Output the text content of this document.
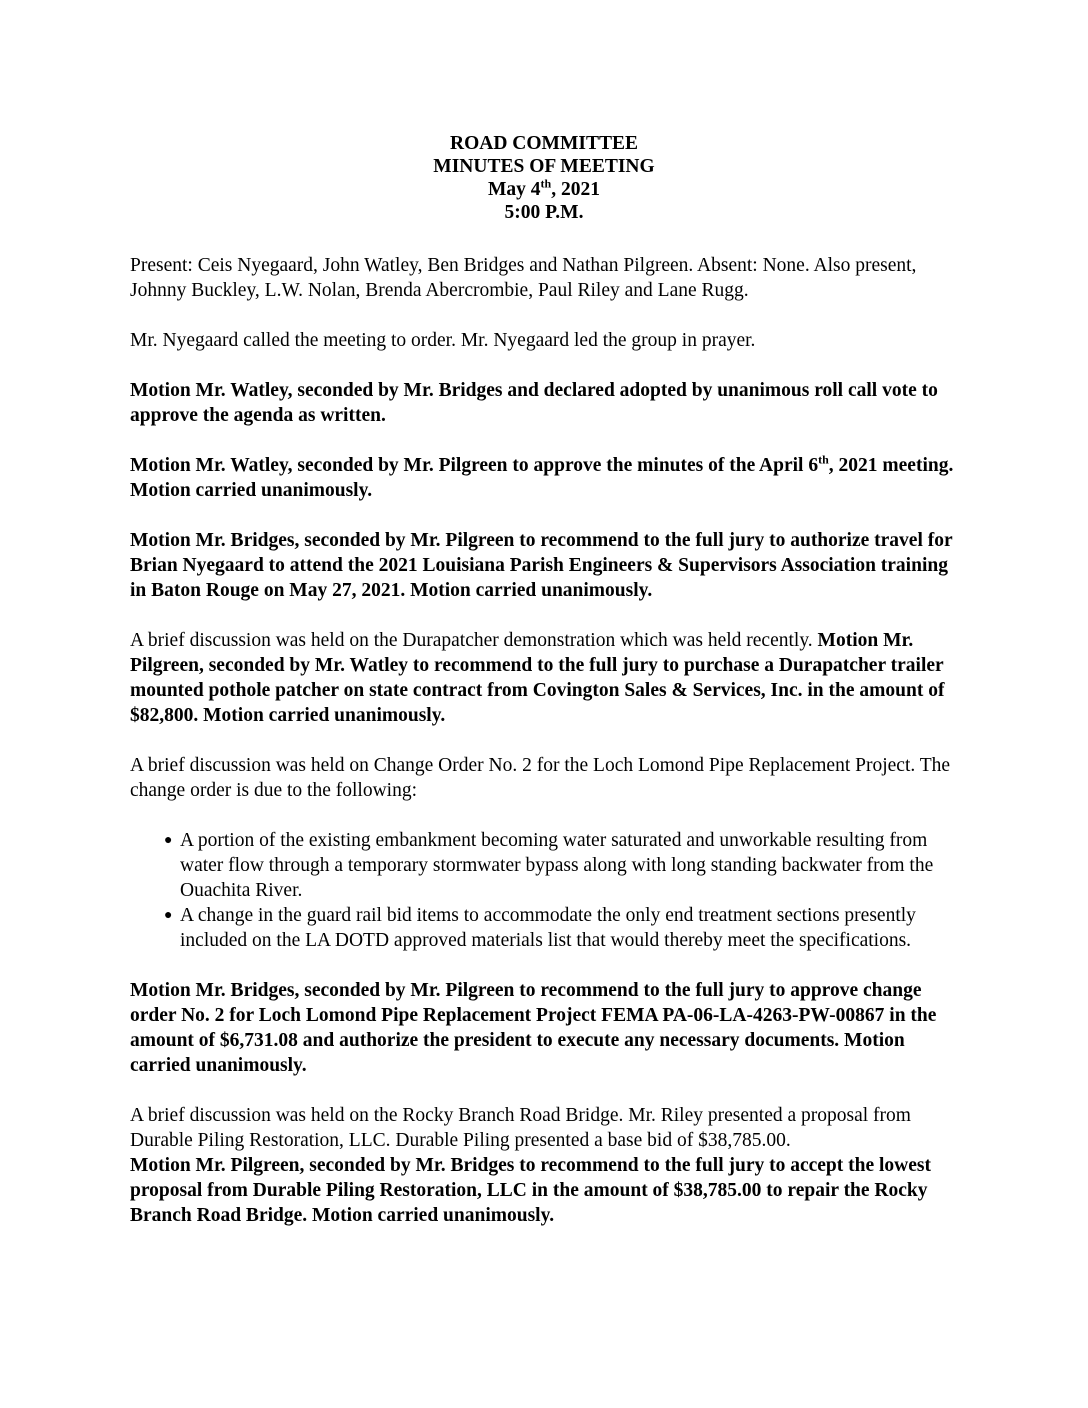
ROAD COMMITTEE
MINUTES OF MEETING
May 4th, 2021
5:00 P.M.

Present: Ceis Nyegaard, John Watley, Ben Bridges and Nathan Pilgreen. Absent: None. Also present, Johnny Buckley, L.W. Nolan, Brenda Abercrombie, Paul Riley and Lane Rugg.

Mr. Nyegaard called the meeting to order. Mr. Nyegaard led the group in prayer.

Motion Mr. Watley, seconded by Mr. Bridges and declared adopted by unanimous roll call vote to approve the agenda as written.

Motion Mr. Watley, seconded by Mr. Pilgreen to approve the minutes of the April 6th, 2021 meeting. Motion carried unanimously.

Motion Mr. Bridges, seconded by Mr. Pilgreen to recommend to the full jury to authorize travel for Brian Nyegaard to attend the 2021 Louisiana Parish Engineers & Supervisors Association training in Baton Rouge on May 27, 2021. Motion carried unanimously.

A brief discussion was held on the Durapatcher demonstration which was held recently. Motion Mr. Pilgreen, seconded by Mr. Watley to recommend to the full jury to purchase a Durapatcher trailer mounted pothole patcher on state contract from Covington Sales & Services, Inc. in the amount of $82,800. Motion carried unanimously.

A brief discussion was held on Change Order No. 2 for the Loch Lomond Pipe Replacement Project. The change order is due to the following:

● A portion of the existing embankment becoming water saturated and unworkable resulting from water flow through a temporary stormwater bypass along with long standing backwater from the Ouachita River.
● A change in the guard rail bid items to accommodate the only end treatment sections presently included on the LA DOTD approved materials list that would thereby meet the specifications.

Motion Mr. Bridges, seconded by Mr. Pilgreen to recommend to the full jury to approve change order No. 2 for Loch Lomond Pipe Replacement Project FEMA PA-06-LA-4263-PW-00867 in the amount of $6,731.08 and authorize the president to execute any necessary documents. Motion carried unanimously.

A brief discussion was held on the Rocky Branch Road Bridge. Mr. Riley presented a proposal from Durable Piling Restoration, LLC. Durable Piling presented a base bid of $38,785.00.
Motion Mr. Pilgreen, seconded by Mr. Bridges to recommend to the full jury to accept the lowest proposal from Durable Piling Restoration, LLC in the amount of $38,785.00 to repair the Rocky Branch Road Bridge. Motion carried unanimously.
